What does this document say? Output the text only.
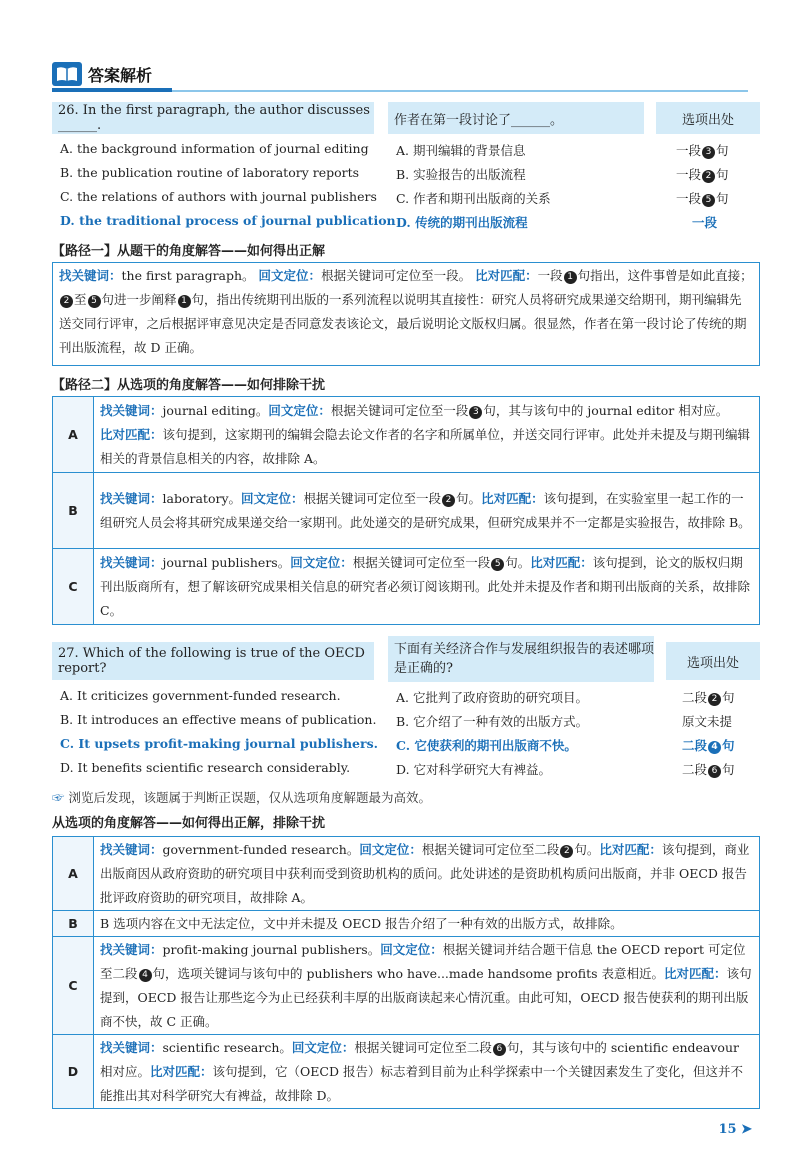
答案解析
26. In the first paragraph, the author discusses ______.	作者在第一段讨论了______。	选项出处
A. the background information of journal editing A. 期刊编辑的背景信息	一段 3 句
B. the publication routine of laboratory reports	B. 实验报告的出版流程	一段 2 句
C. the relations of authors with journal publishers C. 作者和期刊出版商的关系	一段 5 句
D. the traditional process of journal publication D. 传统的期刊出版流程	一段
【路径一】从题干的角度解答——如何得出正解
找关键词：the first paragraph。 回文定位：根据关键词可定位至一段。 比对匹配：一段 1 句指出，这件事曾是如此直接；2 至 5 句进一步阐释 1 句，指出传统期刊出版的一系列流程以说明其直接性：研究人员将研究成果递交给期刊，期刊编辑先送交同行评审，之后根据评审意见决定是否同意发表该论文，最后说明论文版权归属。很显然，作者在第一段讨论了传统的期刊出版流程，故 D 正确。
【路径二】从选项的角度解答——如何排除干扰
A	找关键词：journal editing。回文定位：根据关键词可定位至一段 3 句，其与该句中的 journal editor 相对应。
比对匹配：该句提到，这家期刊的编辑会隐去论文作者的名字和所属单位，并送交同行评审。此处并未提及与期刊编辑相关的背景信息相关的内容，故排除 A。
B	找关键词：laboratory。回文定位：根据关键词可定位至一段 2 句。比对匹配：该句提到，在实验室里一起工作的一组研究人员会将其研究成果递交给一家期刊。此处递交的是研究成果，但研究成果并不一定都是实验报告，故排除 B。
C	找关键词：journal publishers。回文定位：根据关键词可定位至一段 5 句。比对匹配：该句提到，论文的版权归期刊出版商所有，想了解该研究成果相关信息的研究者必须订阅该期刊。此处并未提及作者和期刊出版商的关系，故排除 C。
27. Which of the following is true of the OECD report?
下面有关经济合作与发展组织报告的表述哪项是正确的?	选项出处
A. It criticizes government-funded research.	A. 它批判了政府资助的研究项目。	二段 2 句
B. It introduces an effective means of publication. B. 它介绍了一种有效的出版方式。	原文未提
C. It upsets profit-making journal publishers. C. 它使获利的期刊出版商不快。	二段 4 句
D. It benefits scientific research considerably.	D. 它对科学研究大有裨益。	二段 6 句
☞ 浏览后发现，该题属于判断正误题，仅从选项角度解题最为高效。
从选项的角度解答——如何得出正解，排除干扰
A	找关键词：government-funded research。回文定位：根据关键词可定位至二段 2 句。比对匹配：该句提到，商业出版商因从政府资助的研究项目中获利而受到资助机构的质问。此处讲述的是资助机构质问出版商，并非 OECD 报告批评政府资助的研究项目，故排除 A。
B	B 选项内容在文中无法定位，文中并未提及 OECD 报告介绍了一种有效的出版方式，故排除。
C	找关键词：profit-making journal publishers。回文定位：根据关键词并结合题干信息 the OECD report 可定位至二段 4 句，选项关键词与该句中的 publishers who have...made handsome profits 表意相近。比对匹配：该句提到，OECD 报告让那些迄今为止已经获利丰厚的出版商读起来心情沉重。由此可知，OECD 报告使获利的期刊出版商不快，故 C 正确。
D	找关键词：scientific research。回文定位：根据关键词可定位至二段 6 句，其与该句中的 scientific endeavour 相对应。比对匹配：该句提到，它（OECD 报告）标志着到目前为止科学探索中一个关键因素发生了变化，但这并不能推出其对科学研究大有裨益，故排除 D。
15 ➤
